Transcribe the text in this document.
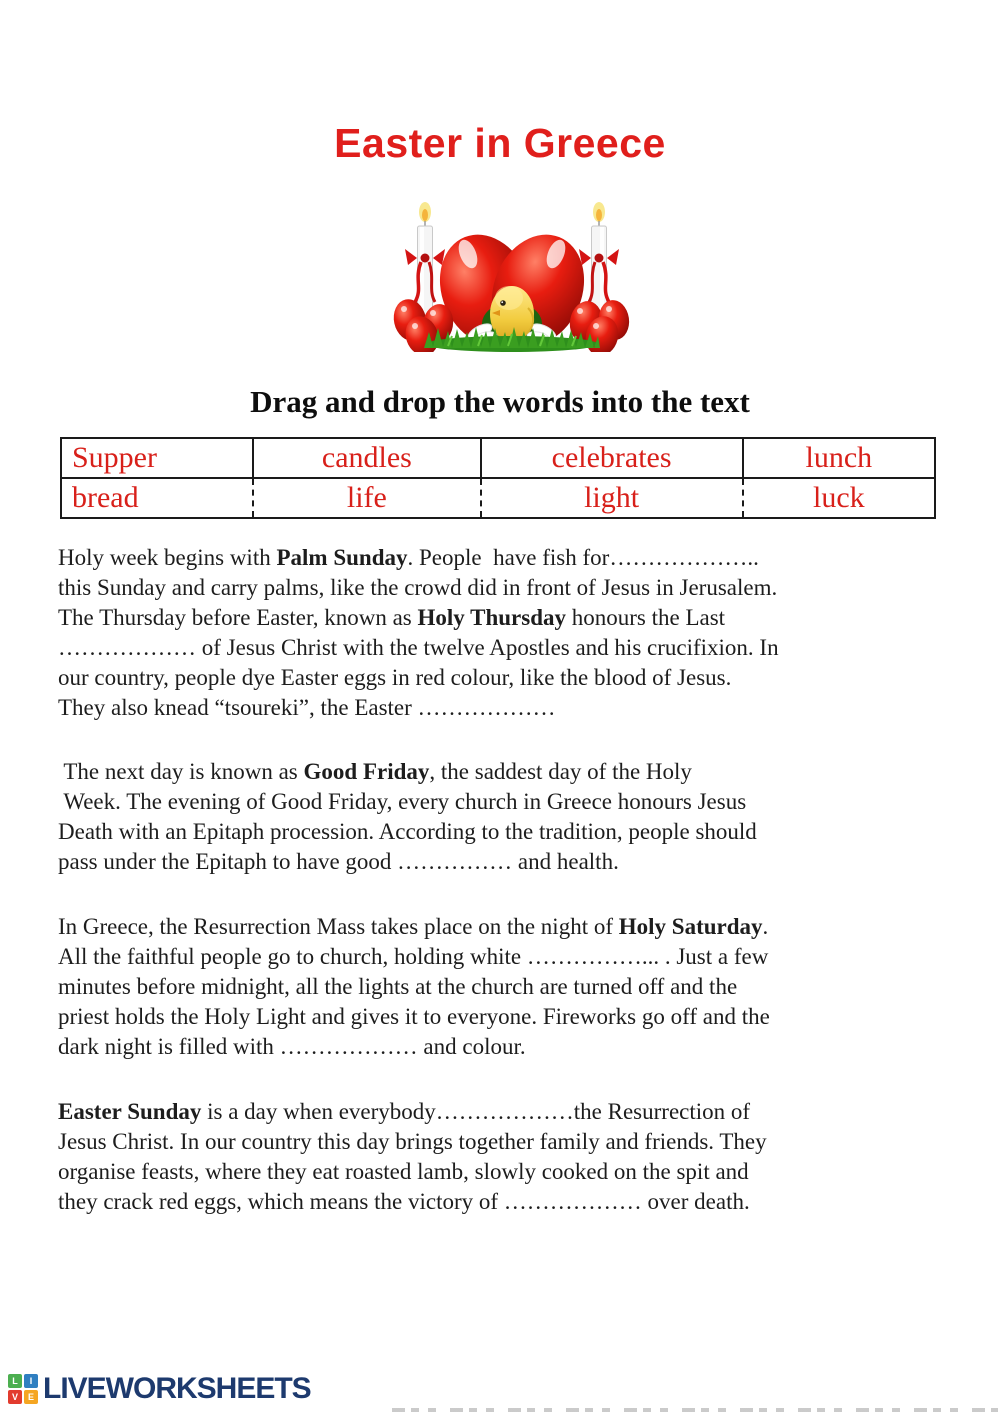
Easter in Greece
Drag and drop the words into the text
Supper	candles	celebrates	lunch
bread	life	light	luck
Holy week begins with Palm Sunday. People  have fish for………………..
this Sunday and carry palms, like the crowd did in front of Jesus in Jerusalem.
The Thursday before Easter, known as Holy Thursday honours the Last
……………… of Jesus Christ with the twelve Apostles and his crucifixion. In
our country, people dye Easter eggs in red colour, like the blood of Jesus.
They also knead “tsoureki”, the Easter ………………
The next day is known as Good Friday, the saddest day of the Holy
Week. The evening of Good Friday, every church in Greece honours Jesus
Death with an Epitaph procession. According to the tradition, people should
pass under the Epitaph to have good …………… and health.
In Greece, the Resurrection Mass takes place on the night of Holy Saturday.
All the faithful people go to church, holding white ……………... . Just a few
minutes before midnight, all the lights at the church are turned off and the
priest holds the Holy Light and gives it to everyone. Fireworks go off and the
dark night is filled with ……………… and colour.
Easter Sunday is a day when everybody………………the Resurrection of
Jesus Christ. In our country this day brings together family and friends. They
organise feasts, where they eat roasted lamb, slowly cooked on the spit and
they crack red eggs, which means the victory of ……………… over death.
L	I
V	E LIVEWORKSHEETS
